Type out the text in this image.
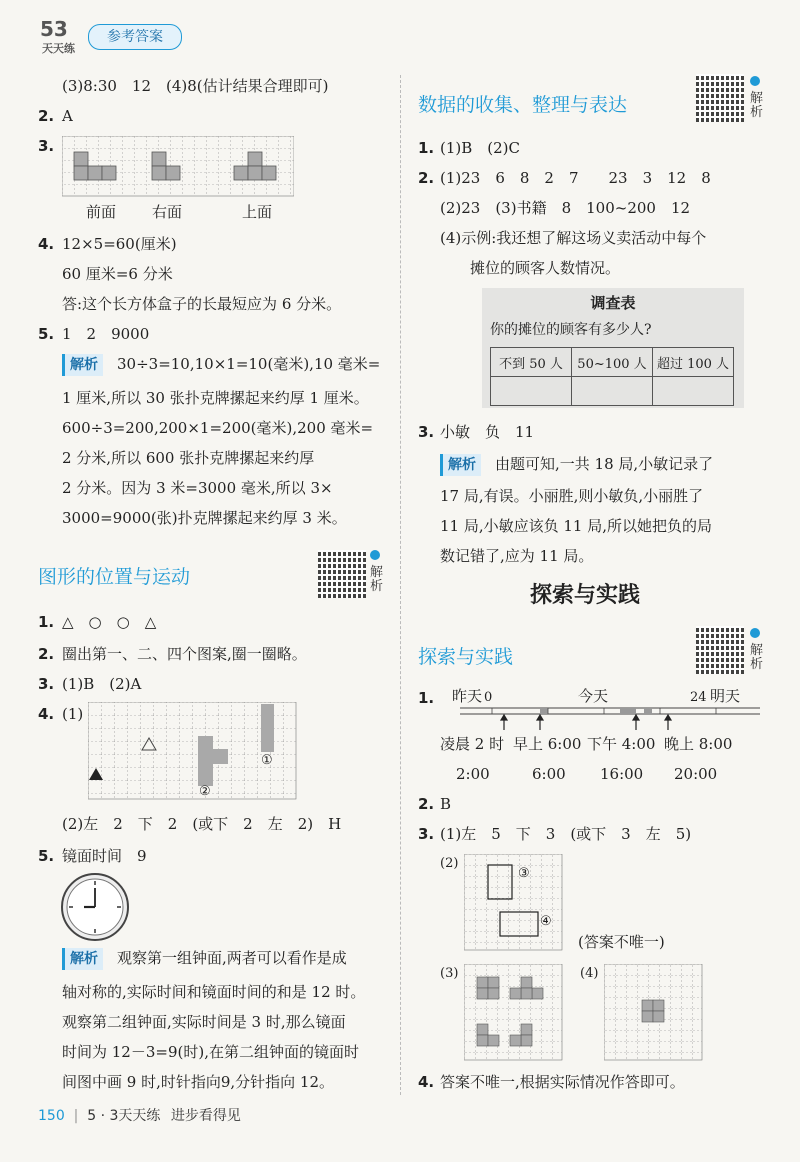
53
天天练
参考答案
(3)8:30　12　(4)8(估计结果合理即可)
2. A
3.
前面 右面	上面
4. 12×5=60(厘米)
60 厘米=6 分米
答:这个长方体盒子的长最短应为 6 分米。
5. 1　2　9000
解析 30÷3=10,10×1=10(毫米),10 毫米=
1 厘米,所以 30 张扑克牌摞起来约厚 1 厘米。
600÷3=200,200×1=200(毫米),200 毫米=
2 分米,所以 600 张扑克牌摞起来约厚
2 分米。因为 3 米=3000 毫米,所以 3×
3000=9000(张)扑克牌摞起来约厚 3 米。
图形的位置与运动	解析
1. △　○　○　△
2. 圈出第一、二、四个图案,圈一圈略。
3. (1)B　(2)A
4. (1)
①
②
(2)左　2　下　2　(或下　2　左　2)　H
5. 镜面时间　9
解析 观察第一组钟面,两者可以看作是成
轴对称的,实际时间和镜面时间的和是 12 时。
观察第二组钟面,实际时间是 3 时,那么镜面
时间为 12－3=9(时),在第二组钟面的镜面时
间图中画 9 时,时针指向9,分针指向 12。
数据的收集、整理与表达	解析
1. (1)B　(2)C
2. (1)23　6　8　2　7　　23　3　12　8
(2)23　(3)书籍　8　100~200　12
(4)示例:我还想了解这场义卖活动中每个
摊位的顾客人数情况。
调查表
你的摊位的顾客有多少人?
不到 50 人	50~100 人	超过 100 人

3. 小敏　负　11
解析 由题可知,一共 18 局,小敏记录了
17 局,有误。小丽胜,则小敏负,小丽胜了
11 局,小敏应该负 11 局,所以她把负的局
数记错了,应为 11 局。
探索与实践
探索与实践	解析
1. 昨天 0	今天	24 明天
凌晨 2 时 早上 6:00 下午 4:00 晚上 8:00
2:00	6:00 16:00 20:00
2. B
3. (1)左　5　下　3　(或下　3　左　5)
(2)
③
④
(答案不唯一)
(3)	(4)
4. 答案不唯一,根据实际情况作答即可。
150  |  5 · 3天天练 进步看得见
